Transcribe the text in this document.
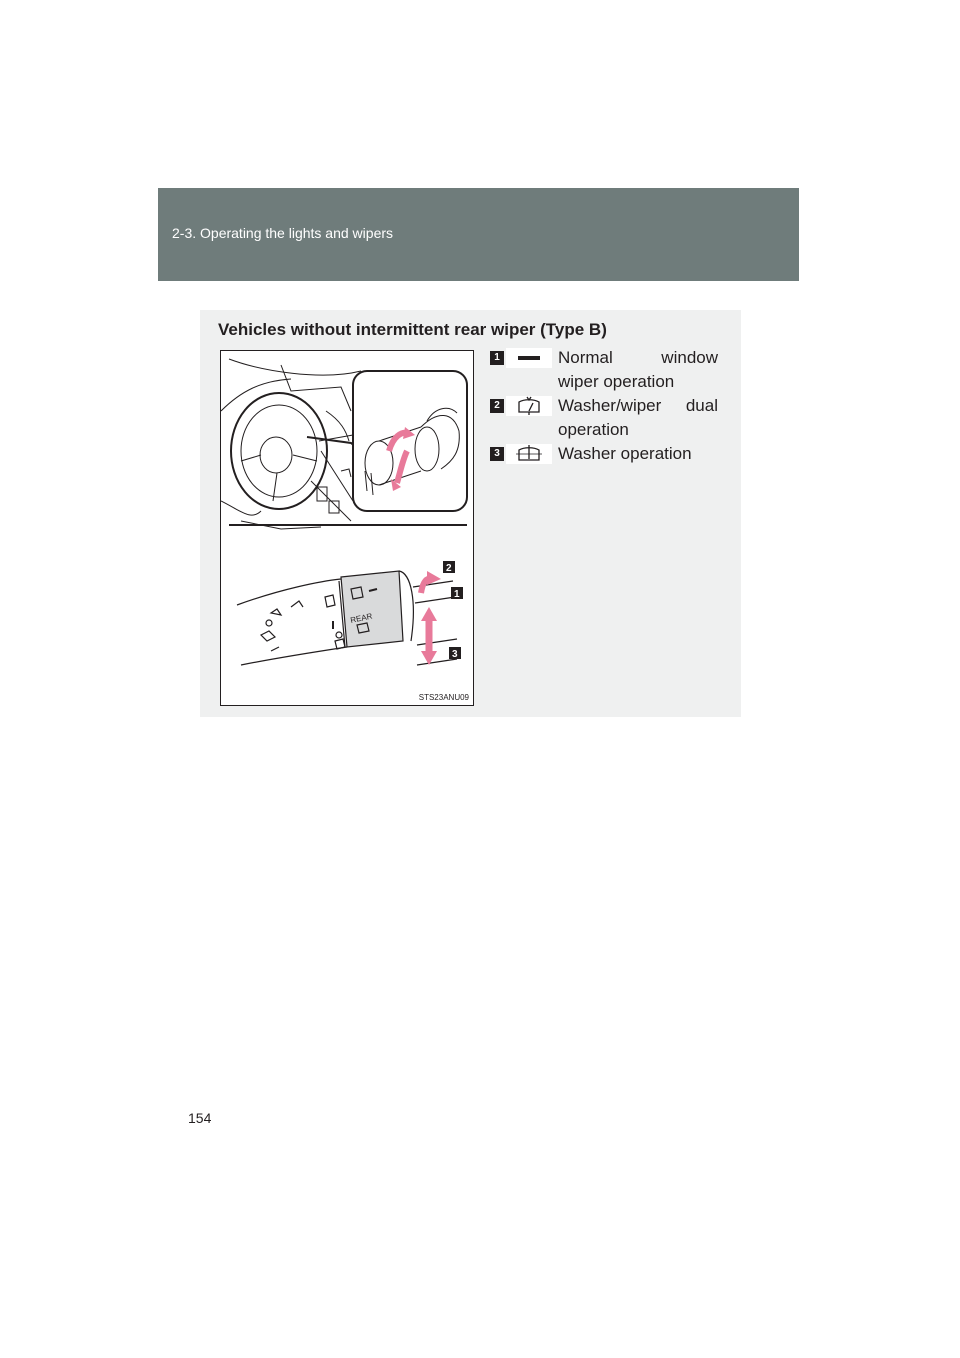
2-3. Operating the lights and wipers
Vehicles without intermittent rear wiper (Type B)
REAR
2
1
3
STS23ANU09
1	Normal window wiper operation
2	Washer/wiper dual operation
3	Washer operation
154
